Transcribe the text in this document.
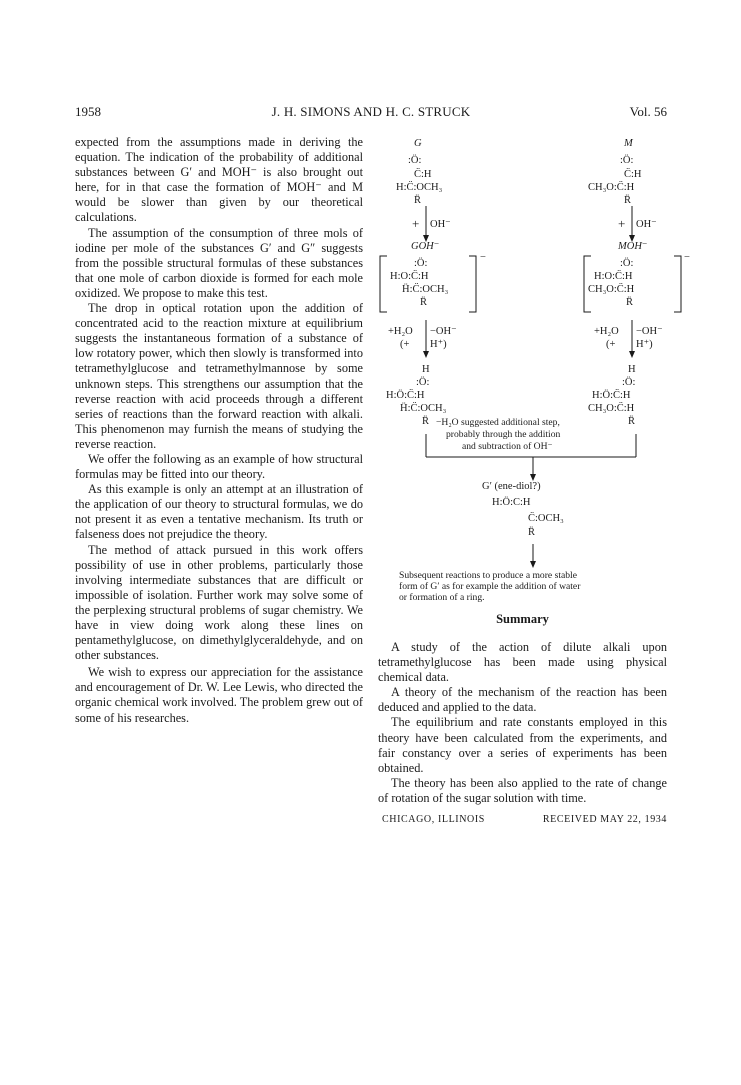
1958	J. H. SIMONS AND H. C. STRUCK	Vol. 56

expected from the assumptions made in deriving the equation. The indication of the probability of additional substances between G′ and MOH⁻ is also brought out here, for in that case the formation of MOH⁻ and M would be slower than given by our theoretical calculations.

The assumption of the consumption of three mols of iodine per mole of the substances G′ and G″ suggests from the possible structural formulas of these substances that one mole of carbon dioxide is formed for each mole oxidized. We propose to make this test.

The drop in optical rotation upon the addition of concentrated acid to the reaction mixture at equilibrium suggests the instantaneous formation of a substance of low rotatory power, which then slowly is transformed into tetramethylglucose and tetramethylmannose by some unknown steps. This strengthens our assumption that the reverse reaction with acid proceeds through a different series of reactions than the forward reaction with alkali. This phenomenon may furnish the means of studying the reverse reaction.

We offer the following as an example of how structural formulas may be fitted into our theory.

As this example is only an attempt at an illustration of the application of our theory to structural formulas, we do not present it as even a tentative mechanism. Its truth or falseness does not prejudice the theory.

The method of attack pursued in this work offers possibility of use in other problems, particularly those involving intermediate substances that are difficult or impossible of isolation. Further work may solve some of the perplexing structural problems of sugar chemistry. We have in view doing work along these lines on pentamethylglucose, on dimethylglyceraldehyde, and on other substances.

We wish to express our appreciation for the assistance and encouragement of Dr. W. Lee Lewis, who directed the organic chemical work involved. The problem grew out of some of his researches.

G
:Ö:
C̈:H
H:C̈:OCH₃
R̈
M
:Ö:
C̈:H
CH₃O:C̈:H
R̈
+ OH⁻	+ OH⁻
GOH⁻	MOH⁻
:Ö:
H:O:C̈:H
Ḧ:C̈:OCH₃
R̈
−
:Ö:
H:O:C̈:H
CH₃O:C̈:H
R̈
−
+H₂O −OH⁻
(+ H⁺)
+H₂O −OH⁻
(+ H⁺)
H
:Ö:
H:Ö:C̈:H
Ḧ:C̈:OCH₃
R̈
H
:Ö:
H:Ö:C̈:H
CH₃O:C̈:H
R̈
−H₂O suggested additional step,
probably through the addition
and subtraction of OH⁻
G′ (ene-diol?)
H:Ö:C:H
C̈:OCH₃
R̈
Subsequent reactions to produce a more stable
form of G′ as for example the addition of water
or formation of a ring.
Summary

A study of the action of dilute alkali upon tetramethylglucose has been made using physical chemical data.

A theory of the mechanism of the reaction has been deduced and applied to the data.

The equilibrium and rate constants employed in this theory have been calculated from the experiments, and fair constancy over a series of experiments has been obtained.

The theory has been also applied to the rate of change of rotation of the sugar solution with time.

CHICAGO, ILLINOIS	RECEIVED MAY 22, 1934
